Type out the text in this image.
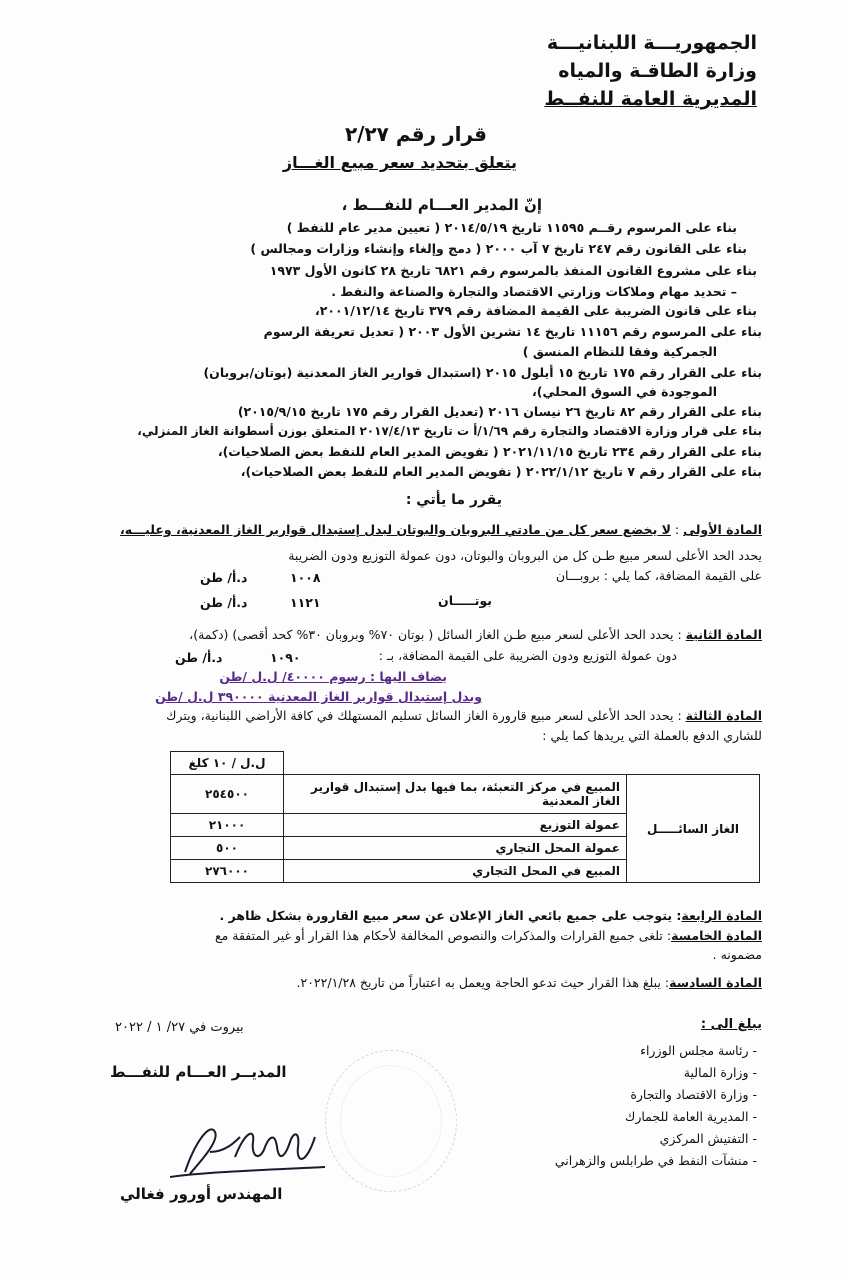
الجمهوريـــة اللبنانيـــة
وزارة الطاقـة والمياه
المديرية العامة للنفــط
قرار رقم ٢/٢٧
يتعلق بتحديد سعر مبيع الغـــاز
إنّ المدير العـــام للنفـــط ،
بناء على المرسوم رقــم ١١٥٩٥ تاريخ ٢٠١٤/٥/١٩ ( تعيين مدير عام للنفط )
بناء على القانون رقم ٢٤٧ تاريخ ٧ آب ٢٠٠٠ ( دمج وإلغاء وإنشاء وزارات ومجالس )
بناء على مشروع القانون المنفذ بالمرسوم رقم ٦٨٢١ تاريخ ٢٨ كانون الأول ١٩٧٣
– تحديد مهام وملاكات وزارتي الاقتصاد والتجارة والصناعة والنفط .
بناء على قانون الضريبة على القيمة المضافة رقم ٣٧٩ تاريخ ٢٠٠١/١٢/١٤،
بناء على المرسوم رقم ١١١٥٦ تاريخ ١٤ تشرين الأول ٢٠٠٣ ( تعديل تعريفة الرسوم
الجمركية وفقا للنظام المنسق )
بناء على القرار رقم ١٧٥ تاريخ ١٥ أيلول ٢٠١٥ (استبدال قوارير الغاز المعدنية (بوتان/بروبان)
الموجودة في السوق المحلي)،
بناء على القرار رقم ٨٢ تاريخ ٢٦ نيسان ٢٠١٦ (تعديل القرار رقم ١٧٥ تاريخ ٢٠١٥/٩/١٥)
بناء على قرار وزارة الاقتصاد والتجارة رقم ١/٦٩/أ ت تاريخ ٢٠١٧/٤/١٣ المتعلق بوزن أسطوانة الغاز المنزلي،
بناء على القرار رقم ٢٣٤ تاريخ ٢٠٢١/١١/١٥ ( تفويض المدير العام للنفط بعض الصلاحيات)،
بناء على القرار رقم ٧ تاريخ ٢٠٢٢/١/١٢ ( تفويض المدير العام للنفط بعض الصلاحيات)،
يقرر ما يأتي :
المادة الأولى : لا يخضع سعر كل من مادتي البروبان والبوتان لبدل إستبدال قوارير الغاز المعدنية، وعليـــه،
يحدد الحد الأعلى لسعر مبيع طـن كل من البروبان والبوتان، دون عمولة التوزيع ودون الضريبة
على القيمة المضافة، كما يلي : بروبـــان
١٠٠٨
د.أ/ طن
بوتـــــان
١١٢١
د.أ/ طن
المادة الثانية : يحدد الحد الأعلى لسعر مبيع طـن الغاز السائل ( بوتان ٧٠% وبروبان ٣٠% كحد أقصى) (دكمة)،
دون عمولة التوزيع ودون الضريبة على القيمة المضافة، بـ :
١٠٩٠
د.أ/ طن
يضاف اليها : رسوم ٤٠٠٠٠/ ل.ل /طن
وبدل إستبدال قوارير الغاز المعدنية ٣٩٠٠٠٠ ل.ل /طن
المادة الثالثة : يحدد الحد الأعلى لسعر مبيع قارورة الغاز السائل تسليم المستهلك في كافة الأراضي اللبنانية، ويترك
للشاري الدفع بالعملة التي يريدها كما يلي :
		ل.ل / ١٠ كلغ
الغاز السائـــــل	المبيع في مركز التعبئة، بما فيها بدل إستبدال قوارير الغاز المعدنية	٢٥٤٥٠٠
	عمولة التوزيع	٢١٠٠٠
	عمولة المحل التجاري	٥٠٠
	المبيع في المحل التجاري	٢٧٦٠٠٠
المادة الرابعة: يتوجب على جميع بائعي الغاز الإعلان عن سعر مبيع القارورة بشكل ظاهر .
المادة الخامسة: تلغى جميع القرارات والمذكرات والنصوص المخالفة لأحكام هذا القرار أو غير المتفقة مع
مضمونه .
المادة السادسة: يبلغ هذا القرار حيث تدعو الحاجة ويعمل به اعتباراً من تاريخ ٢٠٢٢/١/٢٨.
يبلغ الى :
- رئاسة مجلس الوزراء
- وزارة المالية
- وزارة الاقتصاد والتجارة
- المديرية العامة للجمارك
- التفتيش المركزي
- منشآت النفط في طرابلس والزهراني
بيروت في ٢٧/ ١ / ٢٠٢٢
المديــر العـــام للنفـــط
المهندس أورور فغالي
